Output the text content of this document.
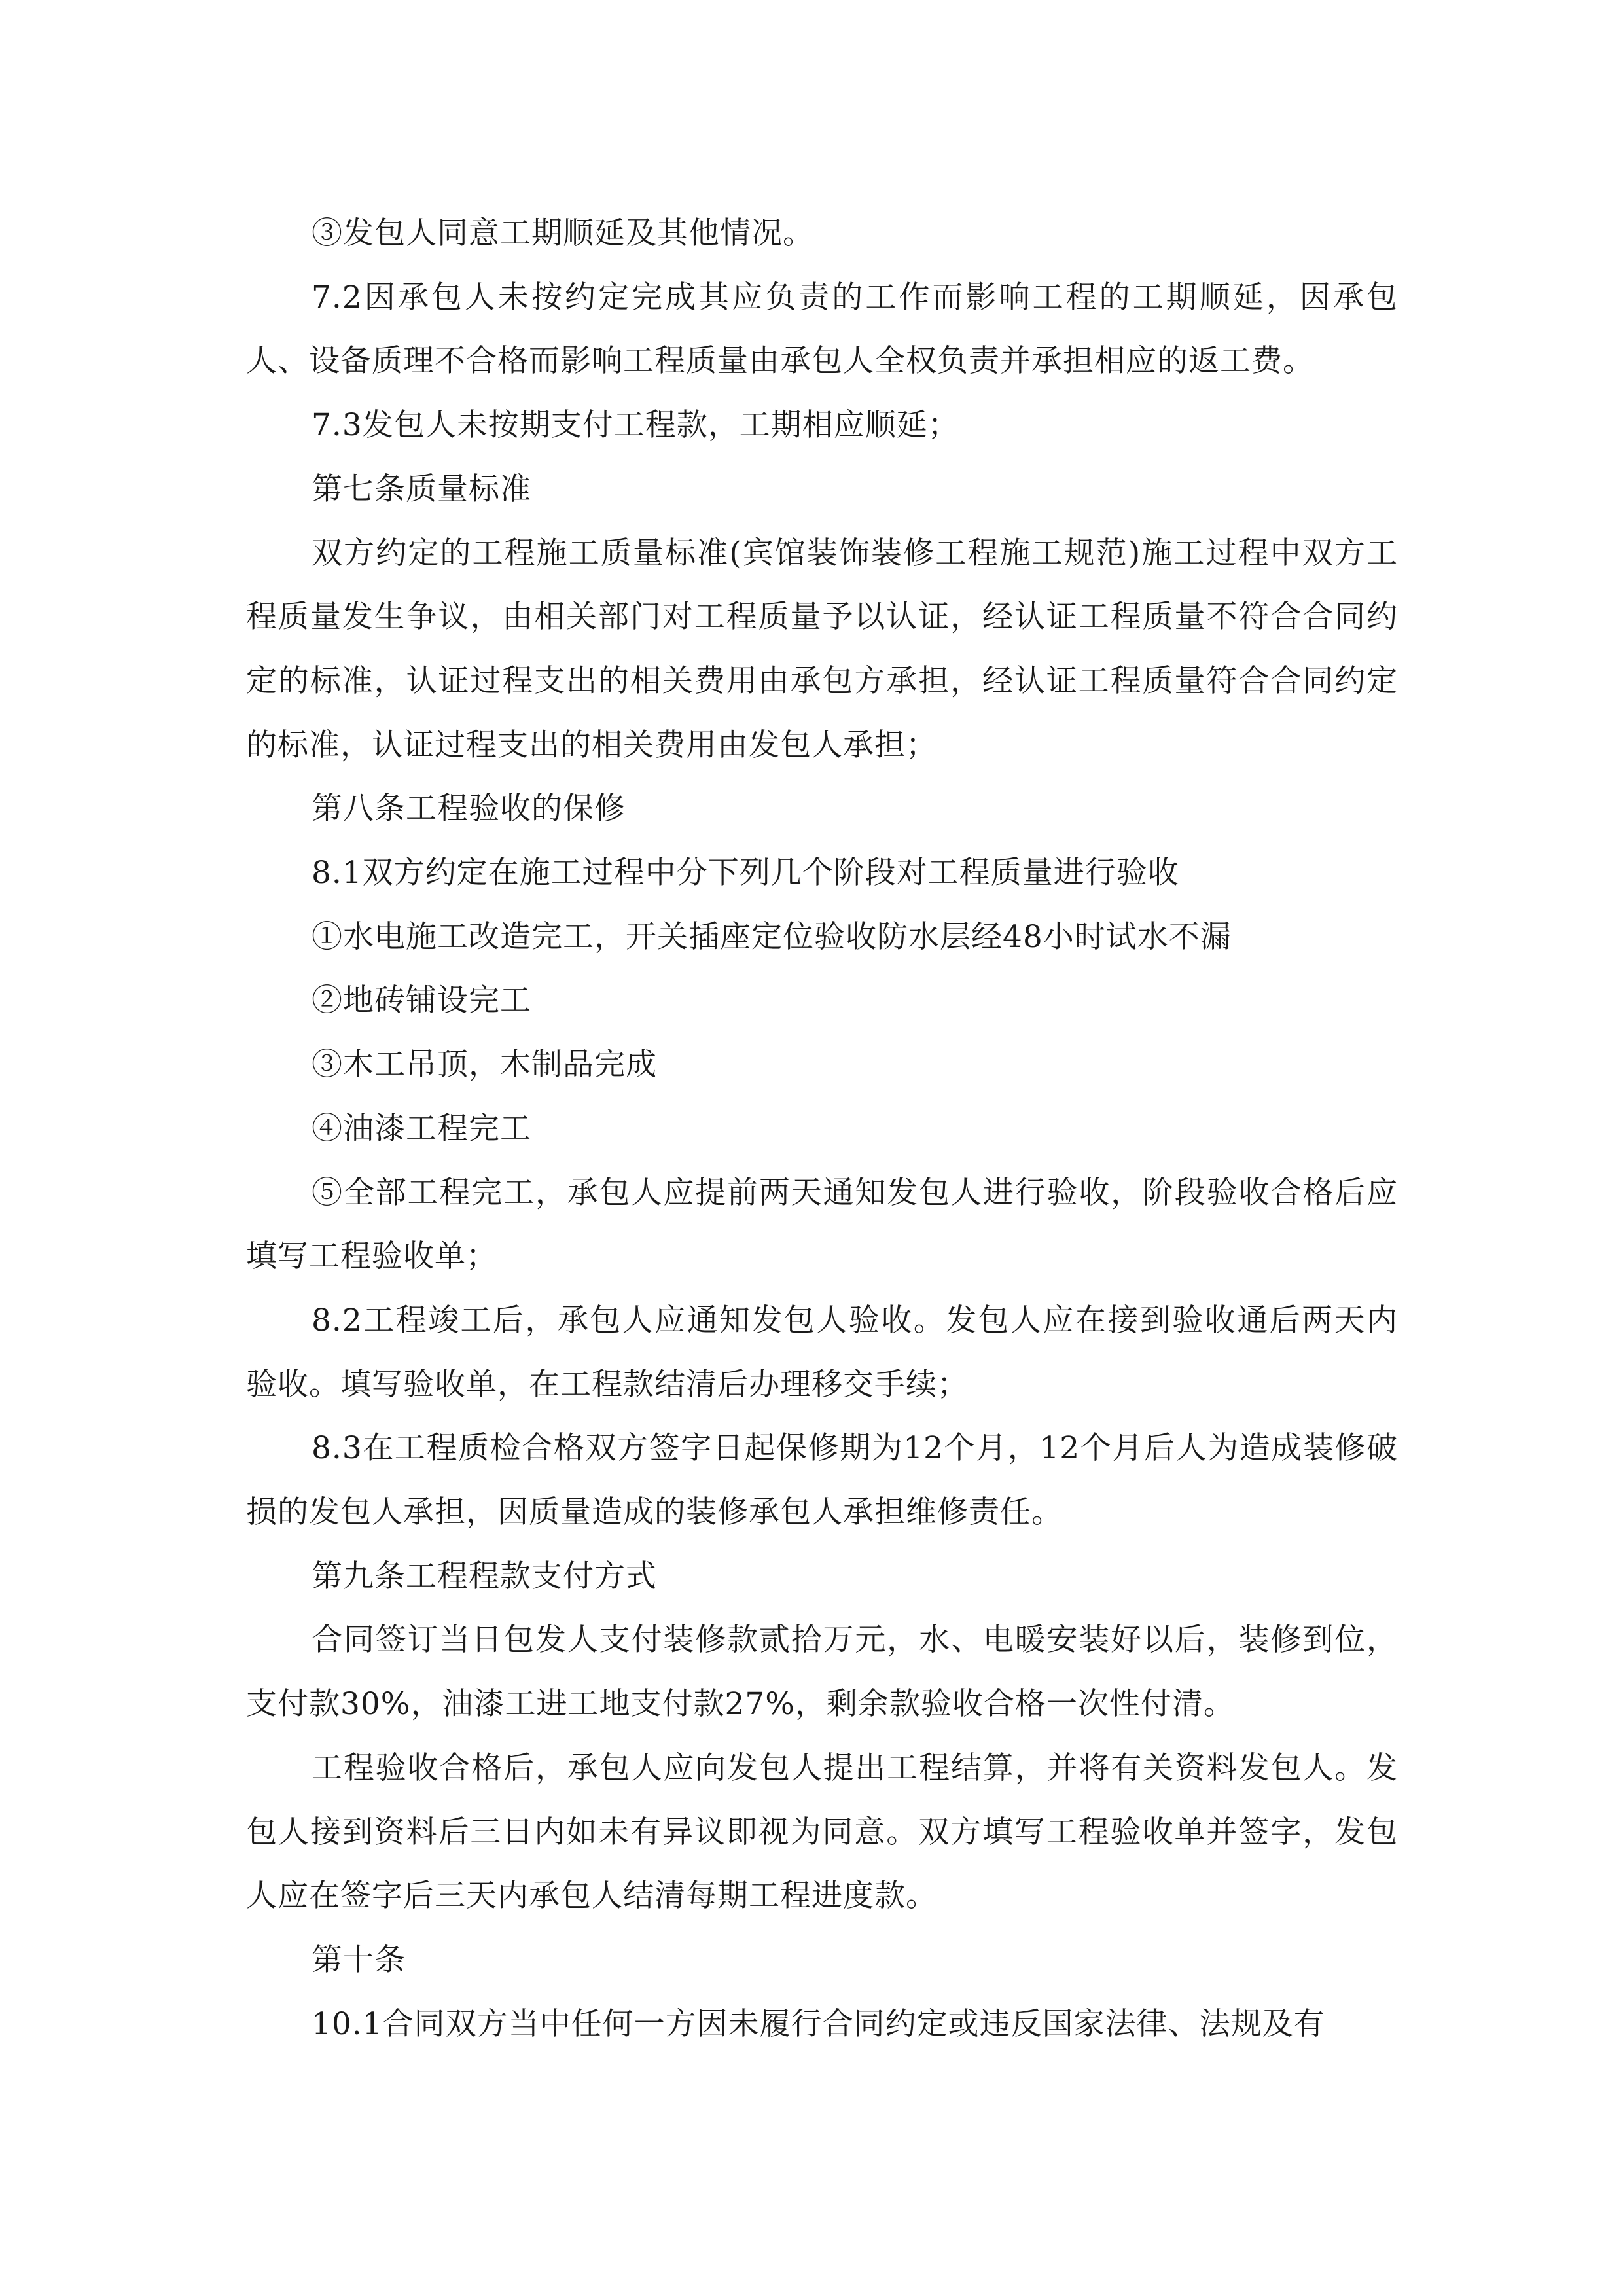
③发包人同意工期顺延及其他情况。

7.2因承包人未按约定完成其应负责的工作而影响工程的工期顺延，因承包人、设备质理不合格而影响工程质量由承包人全权负责并承担相应的返工费。

7.3发包人未按期支付工程款，工期相应顺延；

第七条质量标准

双方约定的工程施工质量标准(宾馆装饰装修工程施工规范)施工过程中双方工程质量发生争议，由相关部门对工程质量予以认证，经认证工程质量不符合合同约定的标准，认证过程支出的相关费用由承包方承担，经认证工程质量符合合同约定的标准，认证过程支出的相关费用由发包人承担；

第八条工程验收的保修

8.1双方约定在施工过程中分下列几个阶段对工程质量进行验收

①水电施工改造完工，开关插座定位验收防水层经48小时试水不漏

②地砖铺设完工

③木工吊顶，木制品完成

④油漆工程完工

⑤全部工程完工，承包人应提前两天通知发包人进行验收，阶段验收合格后应填写工程验收单；

8.2工程竣工后，承包人应通知发包人验收。发包人应在接到验收通后两天内验收。填写验收单，在工程款结清后办理移交手续；

8.3在工程质检合格双方签字日起保修期为12个月，12个月后人为造成装修破损的发包人承担，因质量造成的装修承包人承担维修责任。

第九条工程程款支付方式

合同签订当日包发人支付装修款贰拾万元，水、电暖安装好以后，装修到位，支付款30%，油漆工进工地支付款27%，剩余款验收合格一次性付清。

工程验收合格后，承包人应向发包人提出工程结算，并将有关资料发包人。发包人接到资料后三日内如未有异议即视为同意。双方填写工程验收单并签字，发包人应在签字后三天内承包人结清每期工程进度款。

第十条

10.1合同双方当中任何一方因未履行合同约定或违反国家法律、法规及有
